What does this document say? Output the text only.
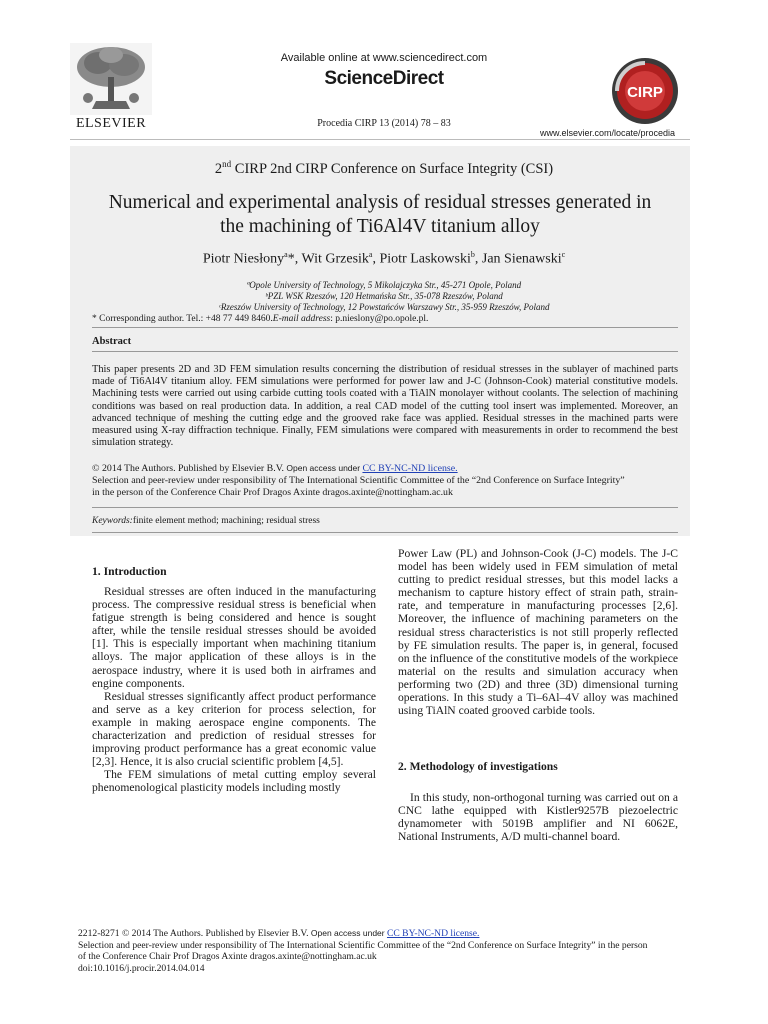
ELSEVIER
Available online at www.sciencedirect.com
ScienceDirect
Procedia CIRP 13 (2014) 78 – 83
CIRP
www.elsevier.com/locate/procedia
2nd CIRP 2nd CIRP Conference on Surface Integrity (CSI)
Numerical and experimental analysis of residual stresses generated in
the machining of Ti6Al4V titanium alloy
Piotr Niesłony$^a$*, Wit Grzesik$^a$, Piotr Laskowski$^b$, Jan Sienawski$^c$
ªOpole University of Technology, 5 Mikolajczyka Str., 45-271 Opole, Poland
ᵇPZL WSK Rzeszów, 120 Hetmańska Str., 35-078 Rzeszów, Poland
ᶜRzeszów University of Technology, 12 Powstańców Warszawy Str., 35-959 Rzeszów, Poland
* Corresponding author. Tel.: +48 77 449 8460.E-mail address: p.nieslony@po.opole.pl.
Abstract
This paper presents 2D and 3D FEM simulation results concerning the distribution of residual stresses in the sublayer of machined parts made of Ti6Al4V titanium alloy. FEM simulations were performed for power law and J-C (Johnson-Cook) material constitutive models. Machining tests were carried out using carbide cutting tools coated with a TiAlN monolayer without coolants. The selection of machining conditions was based on real production data. In addition, a real CAD model of the cutting tool insert was implemented. Moreover, an advanced technique of meshing the cutting edge and the grooved rake face was applied. Residual stresses in the machined parts were measured using X-ray diffraction technique. Finally, FEM simulations were compared with measurements in order to recommend the best simulation strategy.
© 2014 The Authors. Published by Elsevier B.V. Open access under CC BY-NC-ND license.
Selection and peer-review under responsibility of The International Scientific Committee of the “2nd Conference on Surface Integrity”
in the person of the Conference Chair Prof Dragos Axinte dragos.axinte@nottingham.ac.uk
Keywords:finite element method; machining; residual stress
1. Introduction

Residual stresses are often induced in the manufacturing process. The compressive residual stress is beneficial when fatigue strength is being considered and hence is sought after, while the tensile residual stresses should be avoided [1]. This is especially important when machining titanium alloys. The major application of these alloys is in the aerospace industry, where it is used both in airframes and engine components.

Residual stresses significantly affect product performance and serve as a key criterion for process selection, for example in making aerospace engine components. The characterization and prediction of residual stresses for improving product performance has a great economic value [2,3]. Hence, it is also crucial scientific problem [4,5].

The FEM simulations of metal cutting employ several phenomenological plasticity models including mostly

Power Law (PL) and Johnson-Cook (J-C) models. The J-C model has been widely used in FEM simulation of metal cutting to predict residual stresses, but this model lacks a mechanism to capture history effect of strain path, strain-rate, and temperature in manufacturing processes [2,6]. Moreover, the influence of machining parameters on the residual stress characteristics is not still properly reflected by FE simulation results. The paper is, in general, focused on the influence of the constitutive models of the workpiece material on the results and simulation accuracy when performing two (2D) and three (3D) dimensional turning operations. In this study a Ti–6Al–4V alloy was machined using TiAlN coated grooved carbide tools.

2. Methodology of investigations

In this study, non-orthogonal turning was carried out on a CNC lathe equipped with Kistler9257B piezoelectric dynamometer with 5019B amplifier and NI 6062E, National Instruments, A/D multi-channel board.

2212-8271 © 2014 The Authors. Published by Elsevier B.V. Open access under CC BY-NC-ND license.
Selection and peer-review under responsibility of The International Scientific Committee of the “2nd Conference on Surface Integrity” in the person
of the Conference Chair Prof Dragos Axinte dragos.axinte@nottingham.ac.uk
doi:10.1016/j.procir.2014.04.014
